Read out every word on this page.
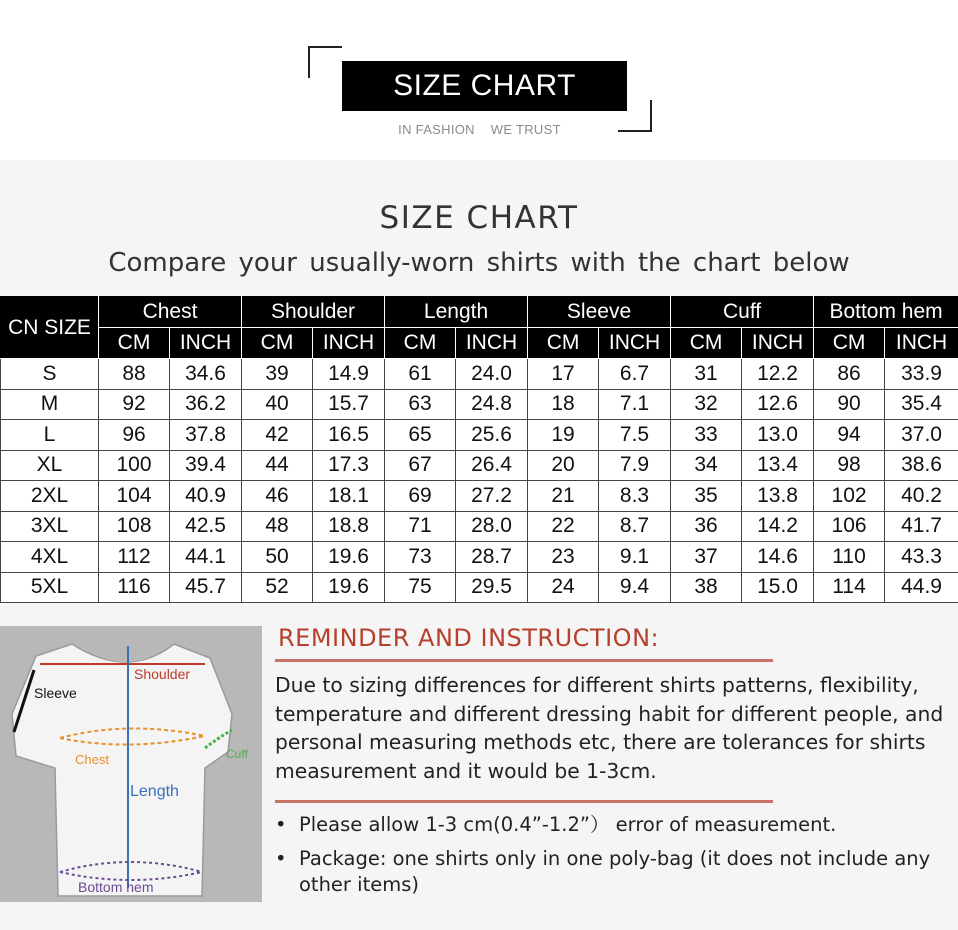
SIZE CHART
IN FASHION WE TRUST
SIZE CHART
Compare your usually-worn shirts with the chart below
CN SIZE	Chest		Shoulder		Length		Sleeve		Cuff		Bottom hem	
	CM	INCH	CM	INCH	CM	INCH	CM	INCH	CM	INCH	CM	INCH
S	88	34.6	39	14.9	61	24.0	17	6.7	31	12.2	86	33.9
M	92	36.2	40	15.7	63	24.8	18	7.1	32	12.6	90	35.4
L	96	37.8	42	16.5	65	25.6	19	7.5	33	13.0	94	37.0
XL	100	39.4	44	17.3	67	26.4	20	7.9	34	13.4	98	38.6
2XL	104	40.9	46	18.1	69	27.2	21	8.3	35	13.8	102	40.2
3XL	108	42.5	48	18.8	71	28.0	22	8.7	36	14.2	106	41.7
4XL	112	44.1	50	19.6	73	28.7	23	9.1	37	14.6	110	43.3
5XL	116	45.7	52	19.6	75	29.5	24	9.4	38	15.0	114	44.9
Shoulder
Sleeve
Chest	Cuff
Length
Bottom hem
REMINDER AND INSTRUCTION:
Due to sizing differences for different shirts patterns, flexibility, temperature and different dressing habit for different people, and personal measuring methods etc, there are tolerances for shirts measurement and it would be 1-3cm.
• Please allow 1-3 cm(0.4”-1.2”） error of measurement.
• Package: one shirts only in one poly-bag (it does not include any other items)
